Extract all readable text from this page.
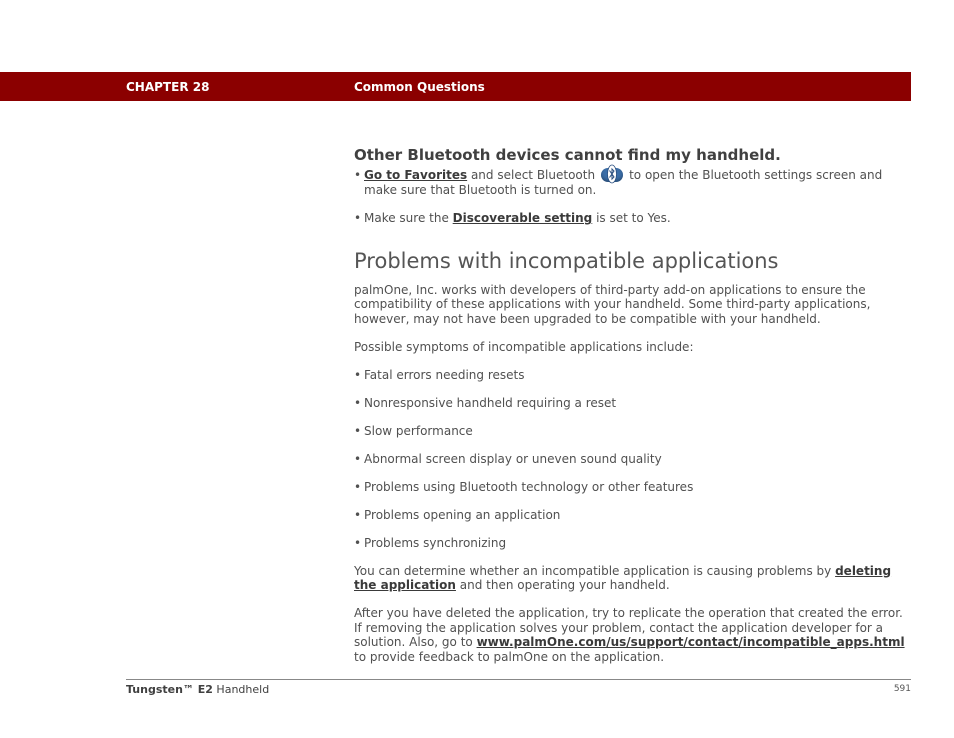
CHAPTER 28	Common Questions
Other Bluetooth devices cannot find my handheld.

• Go to Favorites and select Bluetooth	to open the Bluetooth settings screen and make sure that Bluetooth is turned on.

• Make sure the Discoverable setting is set to Yes.

Problems with incompatible applications

palmOne, Inc. works with developers of third-party add-on applications to ensure the compatibility of these applications with your handheld. Some third-party applications, however, may not have been upgraded to be compatible with your handheld.

Possible symptoms of incompatible applications include:

• Fatal errors needing resets

• Nonresponsive handheld requiring a reset

• Slow performance

• Abnormal screen display or uneven sound quality

• Problems using Bluetooth technology or other features

• Problems opening an application

• Problems synchronizing

You can determine whether an incompatible application is causing problems by deleting the application and then operating your handheld.

After you have deleted the application, try to replicate the operation that created the error. If removing the application solves your problem, contact the application developer for a solution. Also, go to www.palmOne.com/us/support/contact/incompatible_apps.html to provide feedback to palmOne on the application.

Tungsten™ E2 Handheld	591
